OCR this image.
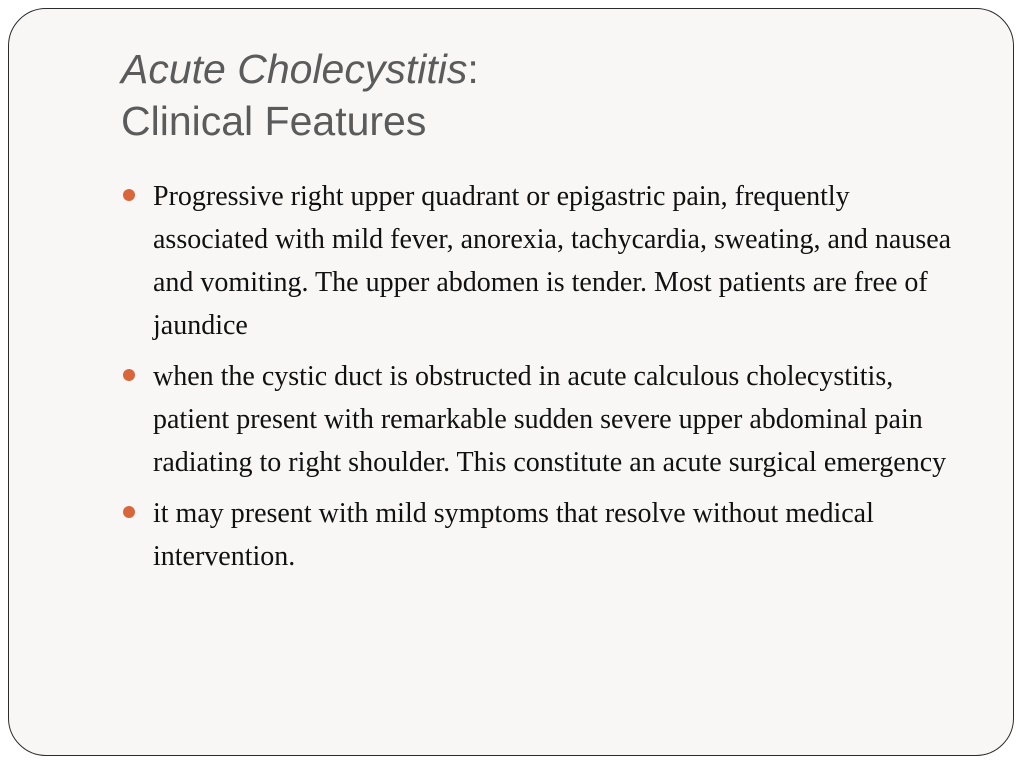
Acute Cholecystitis:
Clinical Features
Progressive right upper quadrant or epigastric pain, frequently associated with mild fever, anorexia, tachycardia, sweating, and nausea and vomiting. The upper abdomen is tender. Most patients are free of jaundice
when the cystic duct is obstructed in acute calculous cholecystitis, patient present with remarkable sudden severe upper abdominal pain radiating to right shoulder. This constitute an acute surgical emergency
it may present with mild symptoms that resolve without medical intervention.
